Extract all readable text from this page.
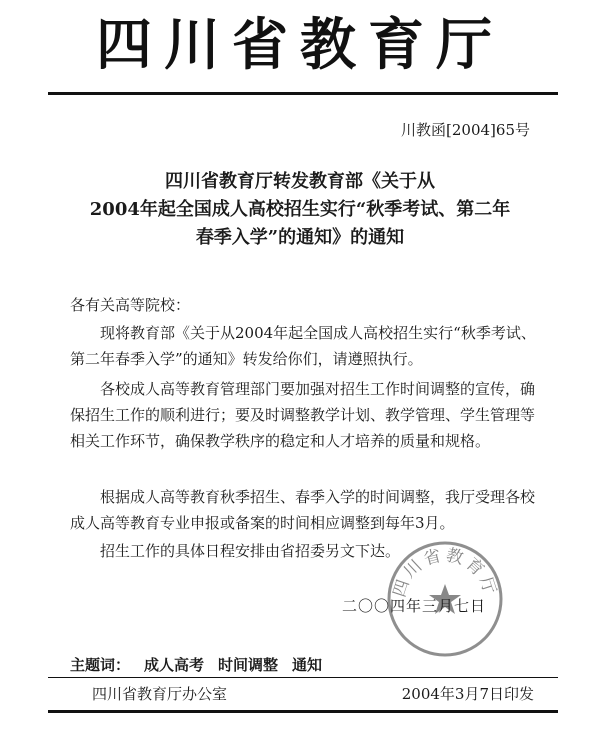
四川省教育厅
川教函[2004]65号
四川省教育厅转发教育部《关于从
2004年起全国成人高校招生实行“秋季考试、第二年
春季入学”的通知》的通知
各有关高等院校：
现将教育部《关于从2004年起全国成人高校招生实行“秋季考试、第二年春季入学”的通知》转发给你们，请遵照执行。
各校成人高等教育管理部门要加强对招生工作时间调整的宣传，确保招生工作的顺利进行；要及时调整教学计划、教学管理、学生管理等相关工作环节，确保教学秩序的稳定和人才培养的质量和规格。
根据成人高等教育秋季招生、春季入学的时间调整，我厅受理各校成人高等教育专业申报或备案的时间相应调整到每年3月。
招生工作的具体日程安排由省招委另文下达。
四川省教育厅
二〇〇四年三月七日
主题词： 成人高考 时间调整 通知
四川省教育厅办公室	2004年3月7日印发
